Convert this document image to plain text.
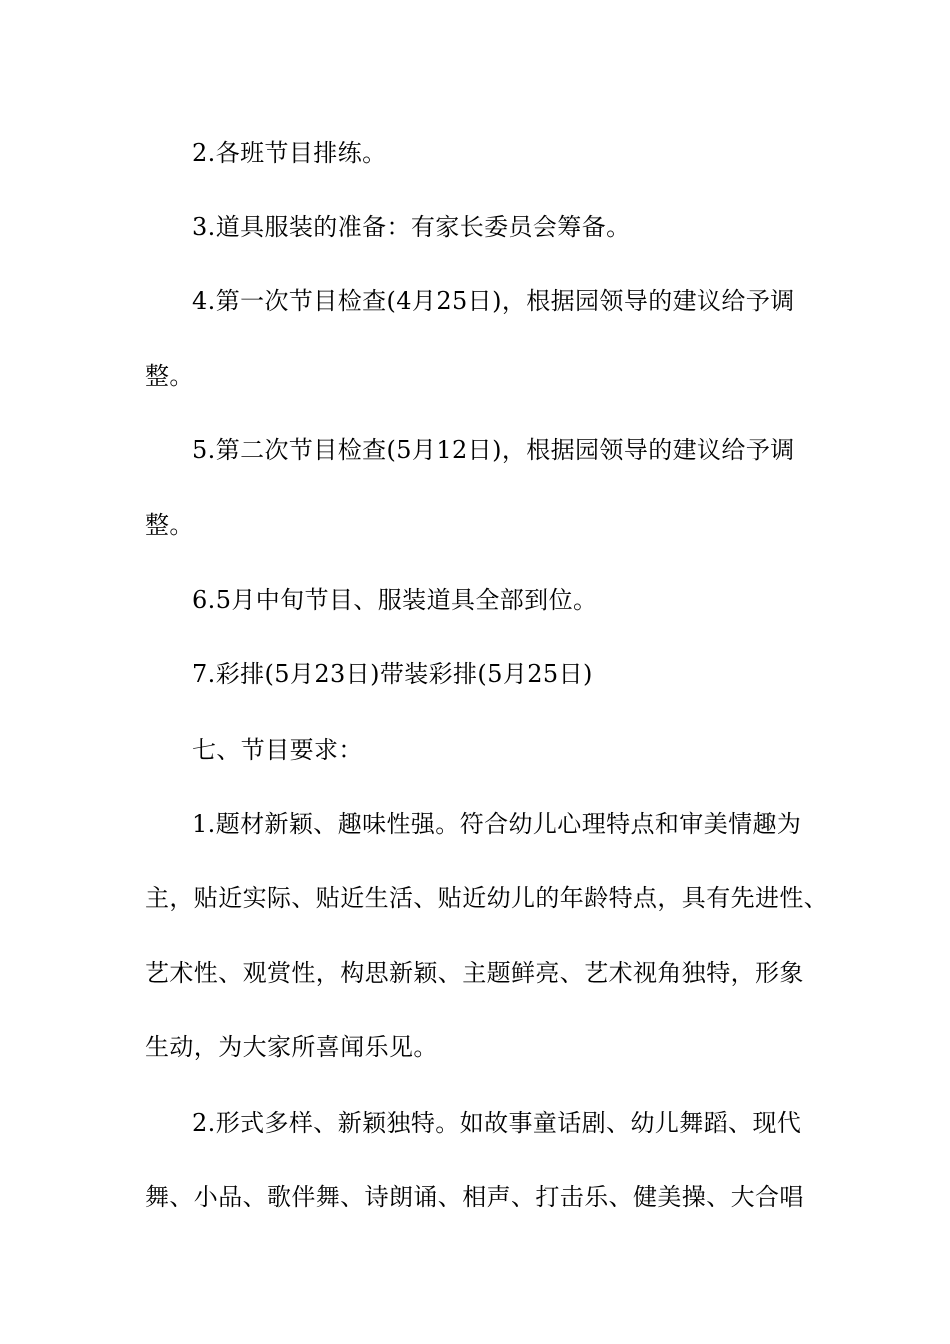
2.各班节目排练。
3.道具服装的准备：有家长委员会筹备。
4.第一次节目检查(4月25日)，根据园领导的建议给予调
整。
5.第二次节目检查(5月12日)，根据园领导的建议给予调
整。
6.5月中旬节目、服装道具全部到位。
7.彩排(5月23日)带装彩排(5月25日)
七、节目要求：
1.题材新颖、趣味性强。符合幼儿心理特点和审美情趣为
主，贴近实际、贴近生活、贴近幼儿的年龄特点，具有先进性、
艺术性、观赏性，构思新颖、主题鲜亮、艺术视角独特，形象
生动，为大家所喜闻乐见。
2.形式多样、新颖独特。如故事童话剧、幼儿舞蹈、现代
舞、小品、歌伴舞、诗朗诵、相声、打击乐、健美操、大合唱
